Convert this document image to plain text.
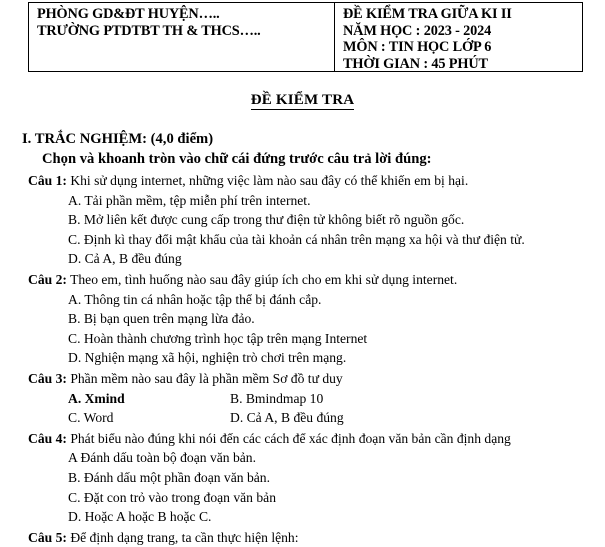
PHÒNG GD&ĐT HUYỆN…..
TRƯỜNG PTDTBT TH & THCS…..
ĐỀ KIỂM TRA GIỮA KI II
NĂM HỌC : 2023 - 2024
MÔN : TIN HỌC LỚP 6
THỜI GIAN : 45 PHÚT
ĐỀ KIỂM TRA
I. TRẮC NGHIỆM: (4,0 điểm)
Chọn và khoanh tròn vào chữ cái đứng trước câu trả lời đúng:
Câu 1: Khi sử dụng internet, những việc làm nào sau đây có thể khiến em bị hại.
A. Tải phần mềm, tệp miễn phí trên internet.
B. Mở liên kết được cung cấp trong thư điện tử không biết rõ nguồn gốc.
C. Định kì thay đổi mật khẩu của tài khoản cá nhân trên mạng xa hội và thư điện tử.
D. Cả A, B đều đúng
Câu 2: Theo em, tình huống nào sau đây giúp ích cho em khi sử dụng internet.
A. Thông tin cá nhân hoặc tập thể bị đánh cắp.
B. Bị bạn quen trên mạng lừa đảo.
C. Hoàn thành chương trình học tập trên mạng Internet
D. Nghiện mạng xã hội, nghiện trò chơi trên mạng.
Câu 3: Phần mềm nào sau đây là phần mềm Sơ đồ tư duy
A. Xmind	B. Bmindmap 10
C. Word	D. Cả A, B đều đúng
Câu 4: Phát biểu nào đúng khi nói đến các cách để xác định đoạn văn bản cần định dạng
A Đánh dấu toàn bộ đoạn văn bản.
B. Đánh dấu một phần đoạn văn bản.
C. Đặt con trỏ vào trong đoạn văn bản
D. Hoặc A hoặc B hoặc C.
Câu 5: Để định dạng trang, ta cần thực hiện lệnh:
